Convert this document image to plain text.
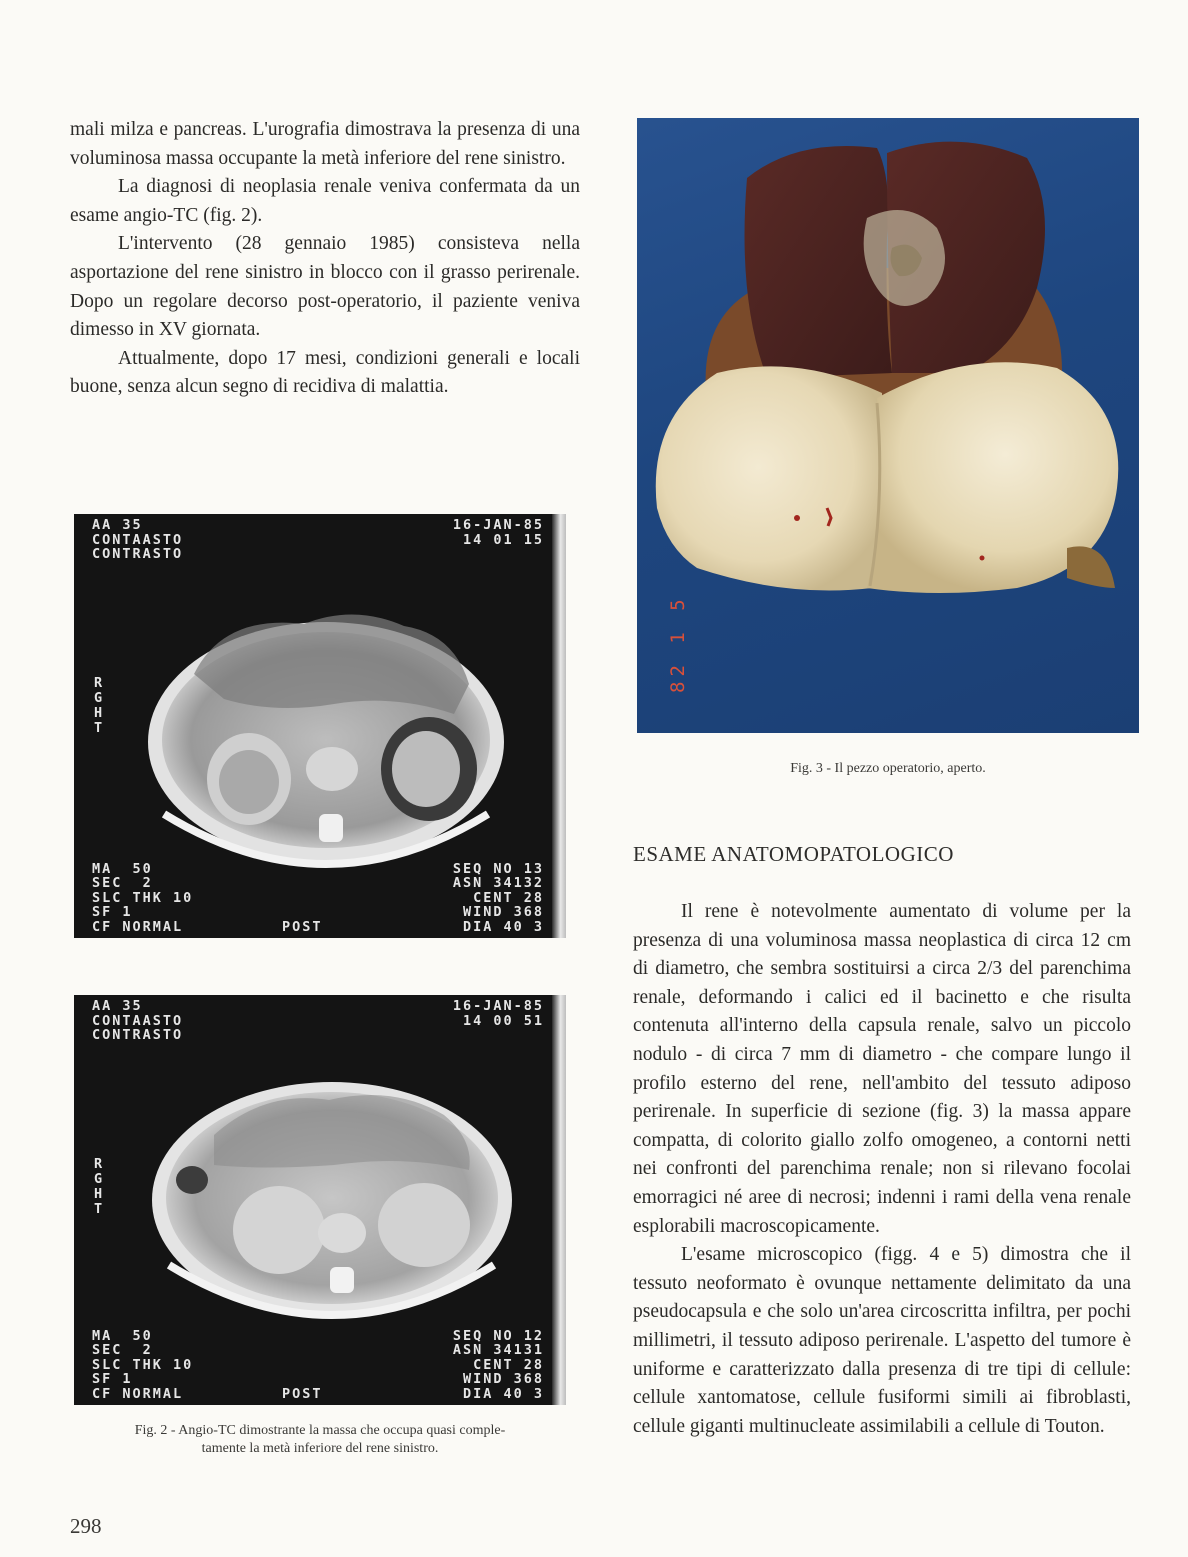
mali milza e pancreas. L'urografia dimostrava la presenza di una voluminosa massa occupante la metà inferiore del rene sinistro.

La diagnosi di neoplasia renale veniva confermata da un esame angio-TC (fig. 2).

L'intervento (28 gennaio 1985) consisteva nella asportazione del rene sinistro in blocco con il grasso perirenale. Dopo un regolare decorso post-operatorio, il paziente veniva dimesso in XV giornata.

Attualmente, dopo 17 mesi, condizioni generali e locali buone, senza alcun segno di recidiva di malattia.

AA 35
CONTAASTO
CONTRASTO
16-JAN-85
14 01 15
R
G
H
T
MA  50
SEC  2
SLC THK 10
SF 1
CF NORMAL	POST
SEQ NO 13
ASN 34132
CENT 28
WIND 368
DIA 40 3
AA 35
CONTAASTO
CONTRASTO
16-JAN-85
14 00 51
R
G
H
T
MA  50
SEC  2
SLC THK 10
SF 1
CF NORMAL	POST
SEQ NO 12
ASN 34131
CENT 28
WIND 368
DIA 40 3
Fig. 2 - Angio-TC dimostrante la massa che occupa quasi comple-
tamente la metà inferiore del rene sinistro.
82 1 5
Fig. 3 - Il pezzo operatorio, aperto.
ESAME ANATOMOPATOLOGICO

Il rene è notevolmente aumentato di volume per la presenza di una voluminosa massa neoplastica di circa 12 cm di diametro, che sembra sostituirsi a circa 2/3 del parenchima renale, deformando i calici ed il bacinetto e che risulta contenuta all'interno della capsula renale, salvo un piccolo nodulo - di circa 7 mm di diametro - che compare lungo il profilo esterno del rene, nell'ambito del tessuto adiposo perirenale. In superficie di sezione (fig. 3) la massa appare compatta, di colorito giallo zolfo omogeneo, a contorni netti nei confronti del parenchima renale; non si rilevano focolai emorragici né aree di necrosi; indenni i rami della vena renale esplorabili macroscopicamente.

L'esame microscopico (figg. 4 e 5) dimostra che il tessuto neoformato è ovunque nettamente delimitato da una pseudocapsula e che solo un'area circoscritta infiltra, per pochi millimetri, il tessuto adiposo perirenale. L'aspetto del tumore è uniforme e caratterizzato dalla presenza di tre tipi di cellule: cellule xantomatose, cellule fusiformi simili ai fibroblasti, cellule giganti multinucleate assimilabili a cellule di Touton.

298
